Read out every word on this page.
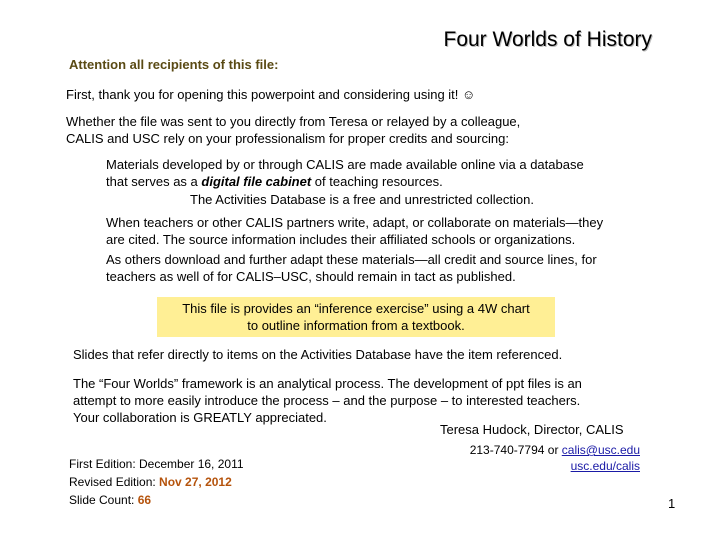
Four Worlds of History
Attention all recipients of this file:
First, thank you for opening this powerpoint and considering using it! ☺
Whether the file was sent to you directly from Teresa or relayed by a colleague,
CALIS and USC rely on your professionalism for proper credits and sourcing:
Materials developed by or through CALIS are made available online via a database
that serves as a digital file cabinet of teaching resources.
The Activities Database is a free and unrestricted collection.
When teachers or other CALIS partners write, adapt, or collaborate on materials—they
are cited. The source information includes their affiliated schools or organizations.
As others download and further adapt these materials—all credit and source lines, for
teachers as well of for CALIS–USC, should remain in tact as published.
This file is provides an “inference exercise” using a 4W chart
to outline information from a textbook.
Slides that refer directly to items on the Activities Database have the item referenced.
The “Four Worlds” framework is an analytical process. The development of ppt files is an
attempt to more easily introduce the process – and the purpose – to interested teachers.
Your collaboration is GREATLY appreciated.
Teresa Hudock, Director, CALIS
213-740-7794 or calis@usc.edu
usc.edu/calis
First Edition: December 16, 2011
Revised Edition: Nov 27, 2012
Slide Count: 66	1
